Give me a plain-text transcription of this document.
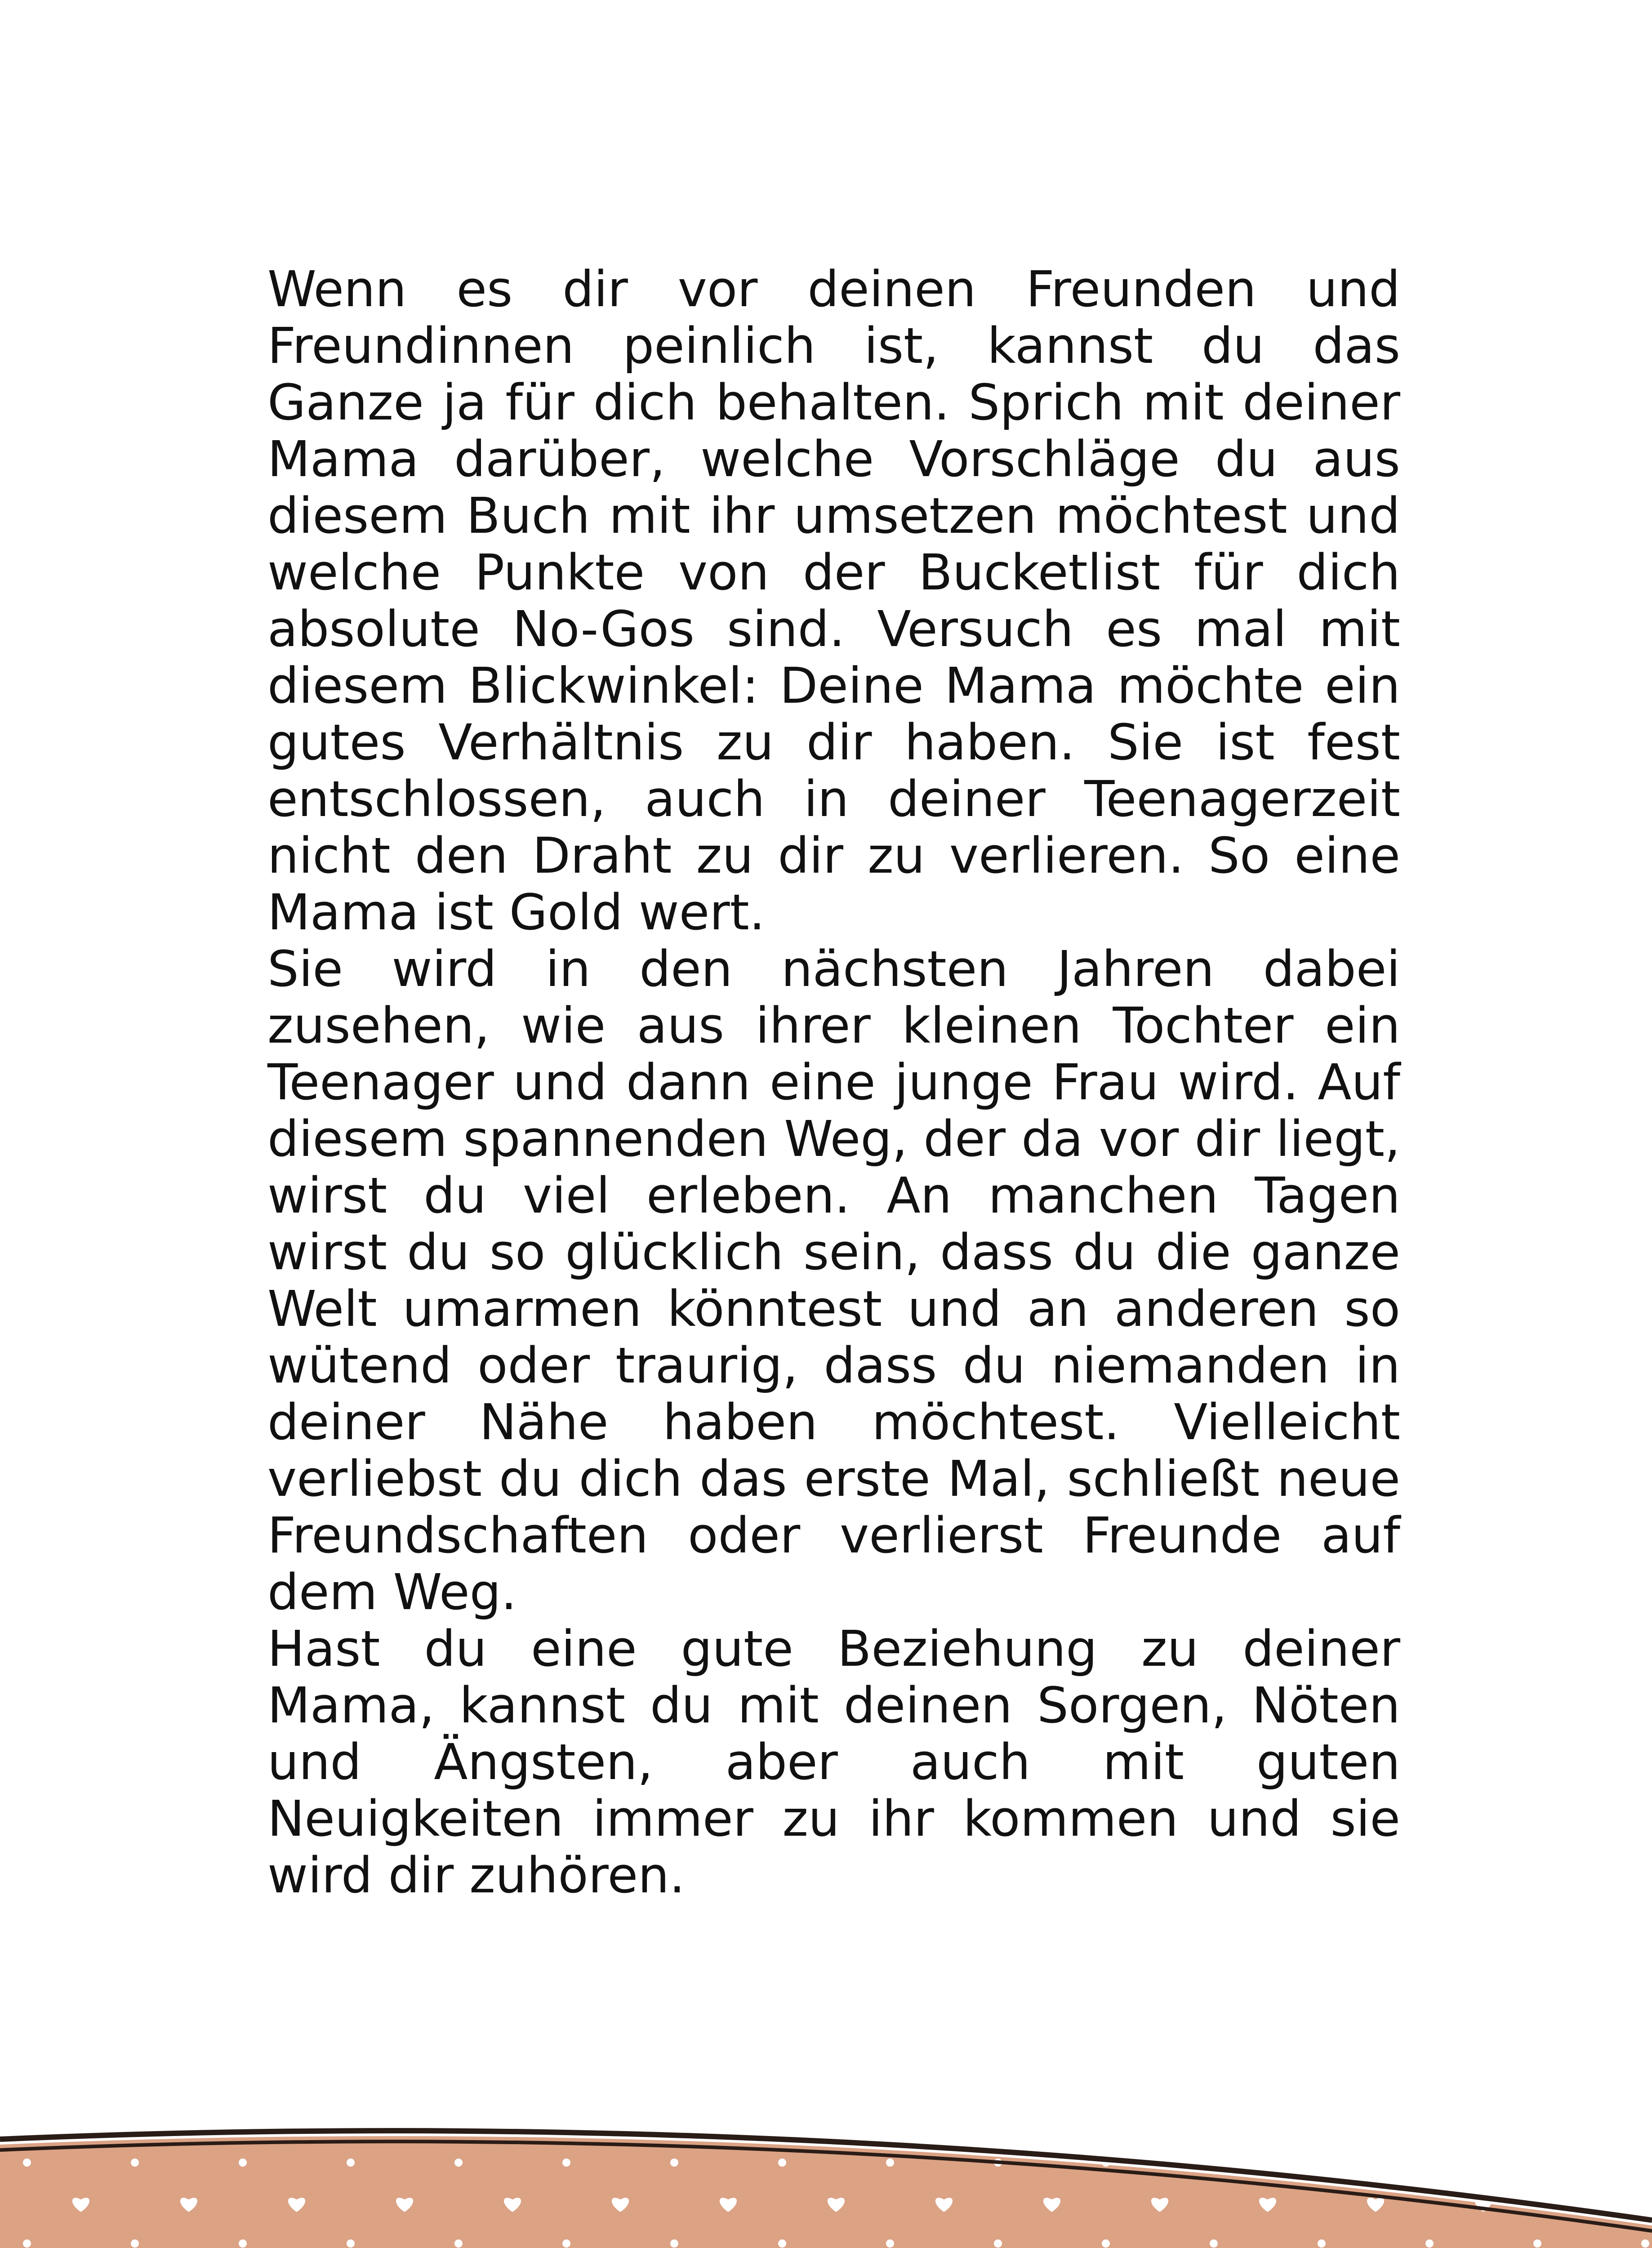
Wenn es dir vor deinen Freunden und Freundinnen peinlich ist, kannst du das Ganze ja für dich behalten. Sprich mit deiner Mama darüber, welche Vorschläge du aus diesem Buch mit ihr umsetzen möchtest und welche Punkte von der Bucketlist für dich absolute No-Gos sind. Versuch es mal mit diesem Blickwinkel: Deine Mama möchte ein gutes Verhältnis zu dir haben. Sie ist fest entschlossen, auch in deiner Teenagerzeit nicht den Draht zu dir zu verlieren. So eine Mama ist Gold wert.

Sie wird in den nächsten Jahren dabei zusehen, wie aus ihrer kleinen Tochter ein Teenager und dann eine junge Frau wird. Auf diesem spannenden Weg, der da vor dir liegt, wirst du viel erleben. An manchen Tagen wirst du so glücklich sein, dass du die ganze Welt umarmen könntest und an anderen so wütend oder traurig, dass du niemanden in deiner Nähe haben möchtest. Vielleicht verliebst du dich das erste Mal, schließt neue Freundschaften oder verlierst Freunde auf dem Weg.

Hast du eine gute Beziehung zu deiner Mama, kannst du mit deinen Sorgen, Nöten und Ängsten, aber auch mit guten Neuigkeiten immer zu ihr kommen und sie wird dir zuhören.
